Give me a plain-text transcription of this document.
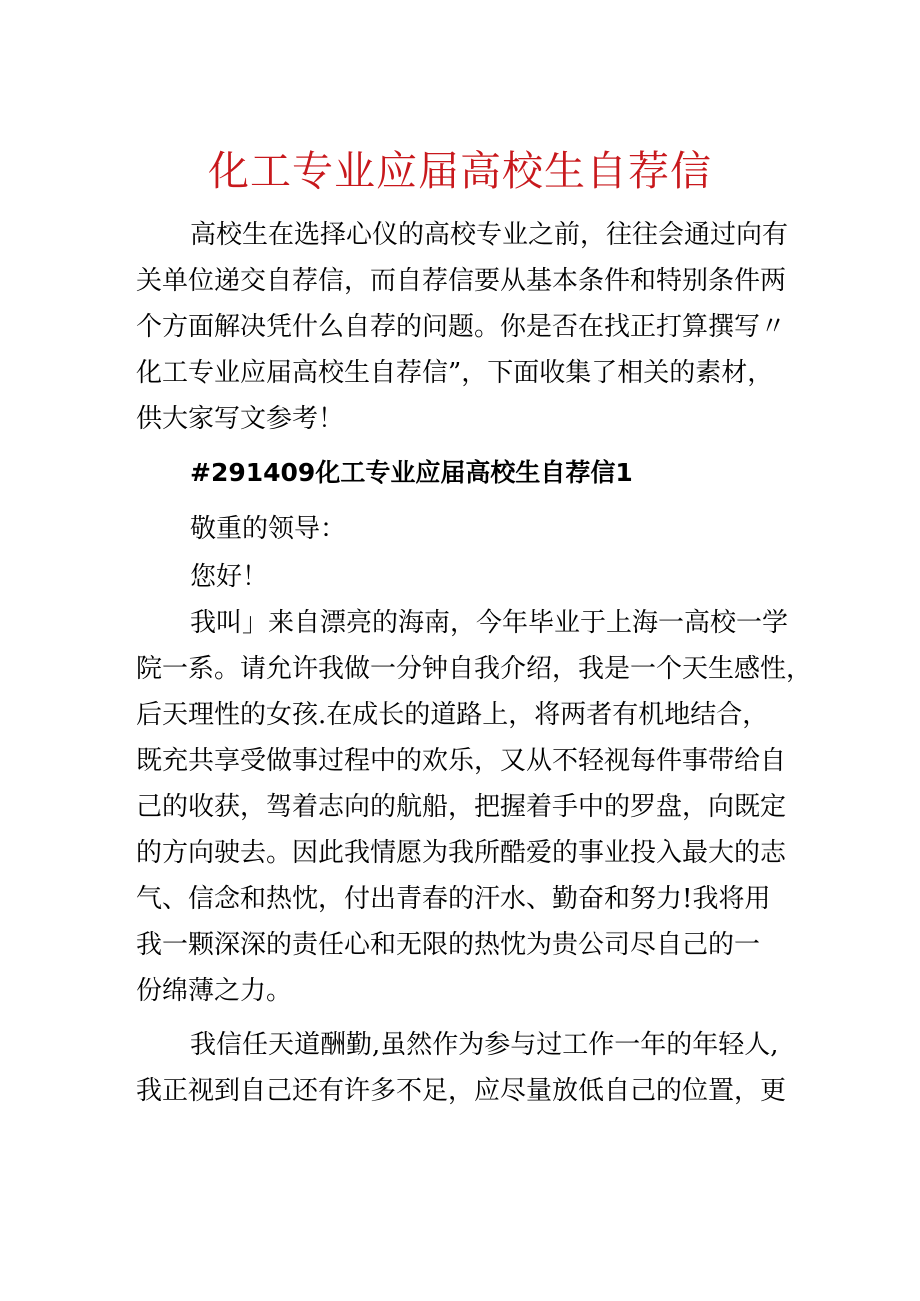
化工专业应届高校生自荐信
高校生在选择心仪的高校专业之前，往往会通过向有
关单位递交自荐信，而自荐信要从基本条件和特别条件两
个方面解决凭什么自荐的问题。你是否在找正打算撰写〃
化工专业应届高校生自荐信”，下面收集了相关的素材，
供大家写文参考！
#291409化工专业应届高校生自荐信1
敬重的领导：
您好！
我叫」来自漂亮的海南，今年毕业于上海一高校一学
院一系。请允许我做一分钟自我介绍，我是一个天生感性，
后天理性的女孩.在成长的道路上，将两者有机地结合，
既充共享受做事过程中的欢乐，又从不轻视每件事带给自
己的收获，驾着志向的航船，把握着手中的罗盘，向既定
的方向驶去。因此我情愿为我所酷爱的事业投入最大的志
气、信念和热忱，付出青春的汗水、勤奋和努力!我将用
我一颗深深的责任心和无限的热忱为贵公司尽自己的一
份绵薄之力。
我信任天道酬勤,虽然作为参与过工作一年的年轻人,
我正视到自己还有许多不足，应尽量放低自己的位置，更
